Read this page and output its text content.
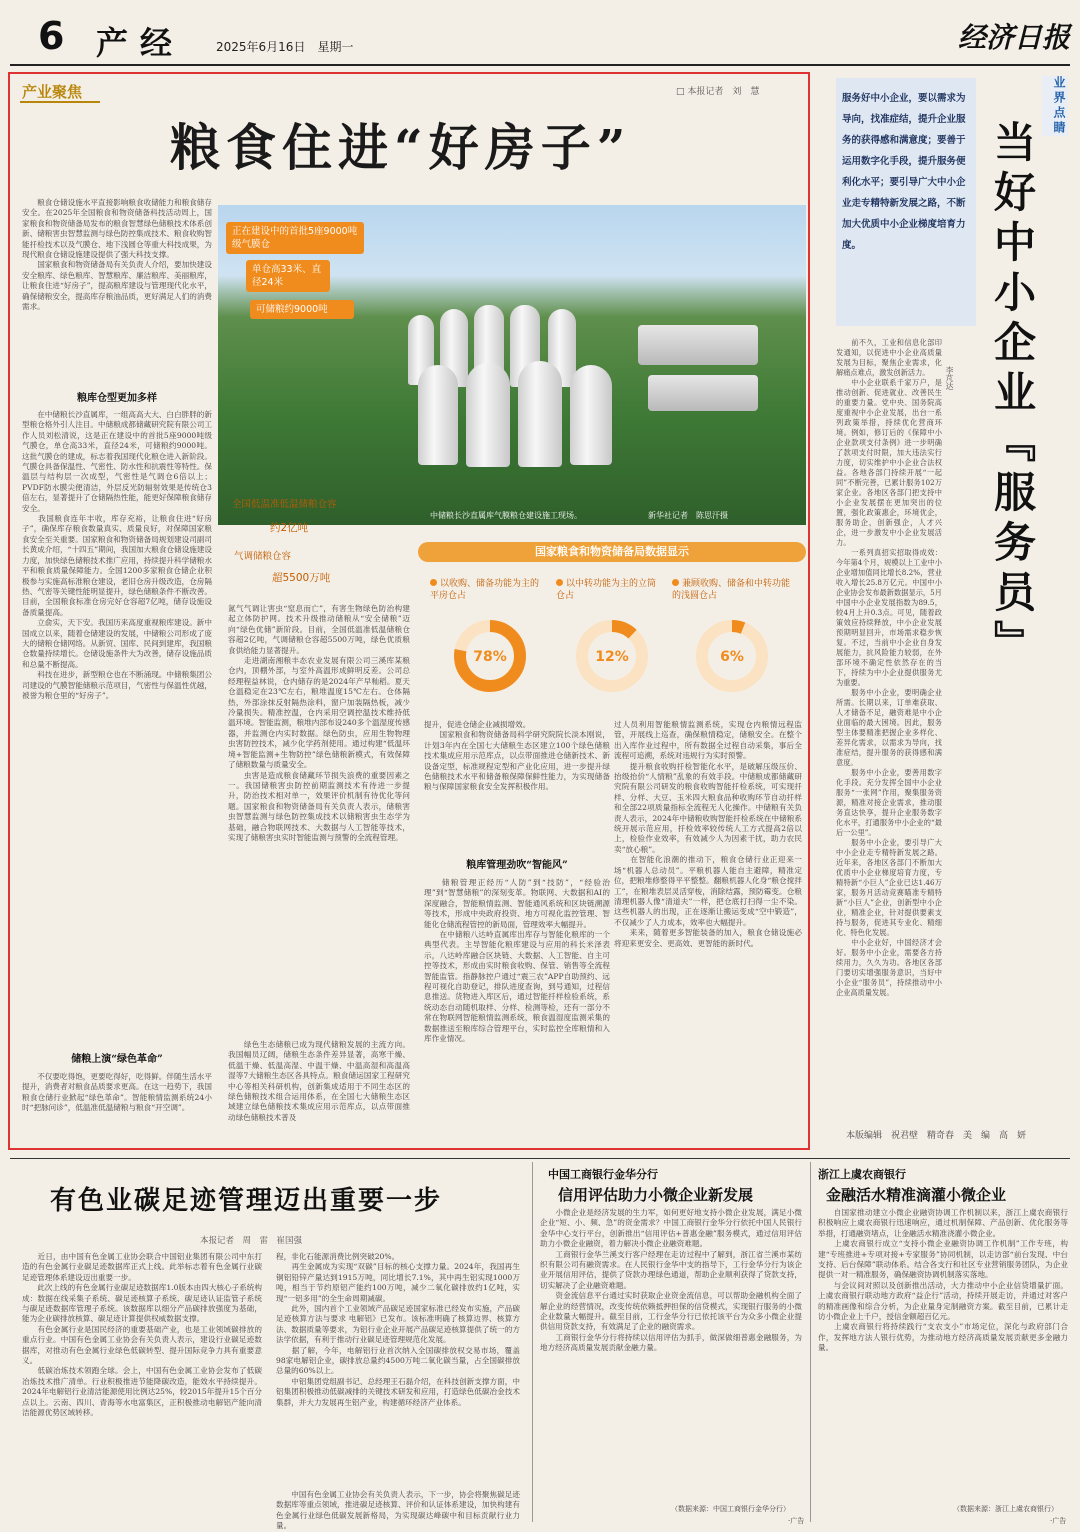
6 产经	2025年6月16日　星期一	经济日报
产业聚焦	□ 本报记者　刘　慧
粮食住进“好房子”
正在建设中的首批5座9000吨级气膜仓
单仓高33米、直径24米
可储粮约9000吨
中储粮长沙直属库气膜粮仓建设施工现场。	新华社记者　陈思汗摄
全国低温准低温储粮仓容
约2亿吨
气调储粮仓容
超5500万吨
国家粮食和物资储备局数据显示
以收购、储备功能为主的平房仓占
以中转功能为主的立筒仓占
兼顾收购、储备和中转功能的浅圆仓占
78%	12%	6%
　　粮食仓储设施水平直接影响粮食收储能力和粮食储存安全。在2025年全国粮食和物资储备科技活动周上，国家粮食和物资储备局发布的粮食智慧绿色储粮技术体系创新、储粮害虫智慧监测与绿色防控集成技术、粮食收购智能扦检技术以及气膜仓、地下浅圆仓等重大科技成果，为现代粮食仓储设施建设提供了强大科技支撑。
　　国家粮食和物资储备局有关负责人介绍，要加快建设安全粮库、绿色粮库、智慧粮库、廉洁粮库、美丽粮库，让粮食住进“好房子”，提高粮库建设与管理现代化水平，确保储粮安全，提高库存粮油品质，更好满足人们的消费需求。
粮库仓型更加多样
　　在中储粮长沙直属库，一组高高大大、白白胖胖的新型粮仓格外引人注目。中储粮成都储藏研究院有限公司工作人员刘松清说，这是正在建设中的首批5座9000吨级气膜仓，单仓高33米，直径24米，可储粮约9000吨。这批气膜仓的建成，标志着我国现代化粮仓进入新阶段。气膜仓具备保温性、气密性、防水性和抗震性等特性。保温层与结构层一次成型，气密性是气调仓6倍以上；PVDF防水膜尖便清洁，外层反光防辐射效果是传统仓3倍左右，显著提升了仓储隔热性能，能更好保障粮食储存安全。
　　我国粮食连年丰收，库存充裕，让粮食住进“好房子”，确保库存粮食数量真实、质量良好，对保障国家粮食安全至关重要。国家粮食和物资储备局规划建设司副司长黄成介绍，“十四五”期间，我国加大粮食仓储设施建设力度，加快绿色储粮技术推广应用，持续提升科学储粮水平和粮食质量保障能力。全国1200多家粮食仓储企业积极参与实施高标准粮仓建设，老旧仓房升级改造，仓房隔热、气密等关键性能明显提升，绿色储粮条件不断改善。目前，全国粮食标准仓房完好仓容超7亿吨，储存设施设备质量提高。
　　立俞实，天下安。我国历来高度重视粮库建设。新中国成立以来，随着仓储建设的发展，中储粮公司形成了庞大的储粮仓储网络。从新贸、国库、民间到建库，我国粮仓数量持续增长。仓储设施条件大为改善，储存设施品质和总量不断提高。
　　科技在进步，新型粮仓也在不断涌现。中储粮集团公司建设的气膜智能储粮示范项目，气密性与保温性优越，被誉为粮仓里的“好房子”。
储粮上演“绿色革命”
　　不仅要吃得饱，更要吃得好，吃得鲜。伴随生活水平提升，消费者对粮食品质要求更高。在这一趋势下，我国粮食仓储行业掀起“绿色革命”。智能粮情监测系统24小时“把脉问诊”，低温准低温储粮与粮食“开空调”。
氮气气调让害虫“窒息而亡”，有害生物绿色防治构建起立体防护网。技术升级推动储粮从“安全储粮”迈向“绿色优储”新阶段。目前，全国低温准低温储粮仓容超2亿吨，气调储粮仓容超5500万吨，绿色优质粮食供给能力显著提升。
　　走进湖南湘粮丰态农业发展有限公司三溪库某粮仓内，顶棚外部，与室外高温形成鲜明反差。公司总经理程益林说，仓内储存的是2024年产早籼稻。夏天仓温稳定在23℃左右，粮堆温度15℃左右。仓体隔热，外部涂抹反射隔热涂料，窗户加装隔热板，减少冷量损失。精准控温，仓内采用空调控温技术维持低温环境。智能监测，粮堆内部布设240多个温湿度传感器，并监测仓内实时数据。绿色防虫，应用生物物理虫害防控技术，减少化学药剂使用。通过构建“低温环境+智能监测+生物防控”绿色储粮新模式，有效保障了储粮数量与质量安全。
　　虫害是造成粮食储藏环节损失浪费的重要因素之一。我国储粮害虫防控前期监测技术有待进一步提升，防治技术相对单一，效果评价机制有待优化等问题。国家粮食和物资储备局有关负责人表示，储粮害虫智慧监测与绿色防控集成技术以储粮害虫生态学为基础，融合物联网技术、大数据与人工智能等技术，实现了储粮害虫实时智能监测与预警的全流程管理。
　　绿色生态储粮已成为现代储粮发展的主流方向。我国幅员辽阔，储粮生态条件差异显著，高寒干燥、低温干燥、低温高湿、中温干燥、中温高湿和高温高湿等7大储粮生态区各具特点。粮食储运国家工程研究中心等相关科研机构，创新集成适用于不同生态区的绿色储粮技术组合运用体系，在全国七大储粮生态区域建立绿色储粮技术集成应用示范库点，以点带面推动绿色储粮技术普及
提升，促进仓储企业减损增效。
　　国家粮食和物资储备局科学研究院院长淡本刚说，计划3年内在全国七大储粮生态区建立100个绿色储粮技术集成应用示范库点，以点带面推进仓储新技术、新设备定型，标准规程定型和产业化应用，进一步提升绿色储粮技术水平和储备粮保障保鲜性能力，为实现储备粮与保障国家粮食安全发挥积极作用。
粮库管理劲吹“智能风”
　　储粮管理正经历“人防”到“技防”，“经验治理”到“智慧储粮”的深刻变革。物联网、大数据和AI的深度融合，智能粮情监测、智能通风系统和区块链溯源等技术，形成中央政府投资、地方可视化监控管理、智能化仓储流程管控的新局面，管理效率大幅提升。
　　在中储粮八达岭直属库出库存与智能化粮库的一个典型代表。主导智能化粮库建设与应用的科长米泽表示，八达岭库融合区块链、大数据、人工智能、自主可控等技术，形成由实时粮食收购、保管、销售等全流程智能监管。指静脉控户通过“震三农”APP自助预约、远程可视化自助登记，排队进度查询，到号通知，过程信息推送。货物进入库区后，通过智能扦样检验系统，系统动态自动随机取样、分样、检测等检，还有一部分不常在物联网智能粮情监测系统，粮食温湿度监测采集的数据推送至粮库综合管理平台，实时监控全库粮情和入库作业情况。
过人员利用智能粮情监测系统，实现仓内粮情远程监管，开展线上巡查，确保粮情稳定，储粮安全。在整个出入库作业过程中，所有数据全过程自动采集，事后全流程可追溯，系统对违规行为实时预警。
　　提升粮食收购扦检智能化水平，是破解压级压价、抬级抬价“人情粮”乱象的有效手段。中储粮成都储藏研究院有限公司研发的粮食收购智能扦检系统，可实现扦样、分样、大豆、玉米四大粮食品种收购环节自动扦样和全部22项质量指标全流程无人化操作。中储粮有关负责人表示，2024年中储粮收购智能扦检系统在中储粮系统开展示范应用，扦检效率较传统人工方式提高2倍以上，检验作业效率，有效减少人为因素干扰，助力农民卖“放心粮”。
　　在智能化浪潮的推动下，粮食仓储行业正迎来一场“机器人总动员”。平粮机器人能自主避障，精准定位，把粮堆修整得平平整整。翻粮机器人化身“粮仓搅拌工”，在粮堆表层灵活穿梭，消除结露，预防霉变。仓粮清理机器人像“清道夫”一样，把仓底打扫得一尘不染。这些机器人的出现，正在逐渐让搬运变成“空中锻造”，不仅减少了人力成本，效率也大幅提升。
　　来来，随着更多智能装备的加入，粮食仓储设施必将迎来更安全、更高效、更智能的新时代。
服务好中小企业，要以需求为导向，找准症结，提升企业服务的获得感和满意度；要善于运用数字化手段，提升服务便利化水平；要引导广大中小企业走专精特新发展之路，不断加大优质中小企业梯度培育力度。
业界点睛
当好中小企业『服务员』
李芃达
　　前不久，工业和信息化部印发通知，以促进中小企业高质量发展为目标，聚焦企业需求，化解痛点难点，激发创新活力。
　　中小企业联系千家万户，是推动创新、促进就业、改善民生的重要力量。党中央、国务院高度重视中小企业发展，出台一系列政策举措，持续优化营商环境。例如，修订后的《保障中小企业款项支付条例》进一步明确了款项支付时限，加大违法实行力度，切实维护中小企业合法权益。各地各部门持续开展“一起同”不断完善，已累计服务102万家企业。各地区各部门把支持中小企业发展摆在更加突出的位置，强化政策惠企，环境优企，服务助企，创新强企，人才兴企，进一步激发中小企业发展活力。
　　一系列真招实招取得成效：今年第4个月，规模以上工业中小企业增加值同比增长8.2%，营业收入增长25.8万亿元。中国中小企业协会发布最新数据显示，5月中国中小企业发展指数为89.5，较4月上升0.3点。可见，随着政策效应持续释放，中小企业发展预期明显回升，市场需求稳步恢复。不过，当前中小企业自身发展能力，抗风险能力较弱，在外部环境不确定性依然存在的当下，持续为中小企业提供服务尤为重要。
　　服务中小企业，要明确企业所需。长期以来，订单难获取、人才储备不足，融资难是中小企业面临的最大困境。因此，服务型主体要精准把握企业多样化、差异化需求，以需求为导向，找准症结，提升服务的获得感和满意度。
　　服务中小企业，要善用数字化手段。充分发挥全国中小企业服务“一张网”作用，聚集服务资源，精准对接企业需求，推动服务直达快享，提升企业服务数字化水平，打通服务中小企业的“最后一公里”。
　　服务中小企业，要引导广大中小企业走专精特新发展之路。近年来，各地区各部门不断加大优质中小企业梯度培育力度，专精特新“小巨人”企业已达1.46万家，服务月活动竞赛瞄准专精特新“小巨人”企业，创新型中小企业，精准企业，针对提供要素支持与服务，促进其专业化、精细化、特色化发展。
　　中小企业好，中国经济才会好。服务中小企业，需要各方持续用力，久久为功。各地区各部门要切实增强服务意识，当好中小企业“服务员”，持续推动中小企业高质量发展。
本版编辑　祝君壁　精奇春　美　编　高　妍
有色业碳足迹管理迈出重要一步
本报记者　周　雷　崔国强
　　近日，由中国有色金属工业协会联合中国铝业集团有限公司中东打造的有色金属行业碳足迹数据库正式上线。此举标志着有色金属行业碳足迹管理体系建设迈出重要一步。
　　此次上线的有色金属行业碳足迹数据库1.0版本由四大核心子系统构成：数据在线采集子系统、碳足迹核算子系统、碳足迹认证监管子系统与碳足迹数据库管理子系统。该数据库以细分产品碳排放强度为基础，能为企业碳排放核算、碳足迹计算提供权威数据支撑。
　　有色金属行业是国民经济的重要基础产业，也是工业领域碳排放的重点行业。中国有色金属工业协会有关负责人表示，建设行业碳足迹数据库，对推动有色金属行业绿色低碳转型、提升国际竞争力具有重要意义。
　　低碳冶炼技术领跑全球。会上，中国有色金属工业协会发布了低碳冶炼技术推广清单。行业积极推进节能降碳改造，能效水平持续提升。2024年电解铝行业清洁能源使用比例达25%，较2015年提升15个百分点以上。云南、四川、青海等水电富集区，正积极推动电解铝产能向清洁能源优势区域转移。
程，非化石能源消费比例突破20%。
　　再生金属成为实现“双碳”目标的核心支撑力量。2024年，我国再生铜铝铅锌产量达到1915万吨，同比增长7.1%，其中再生铝实现1000万吨，相当于节约原铝产能约100万吨，减少二氧化碳排放约1亿吨，实现“一铝多用”的全生命周期减碳。
　　此外，国内首个工业领域产品碳足迹国家标准已经发布实施，产品碳足迹核算方法与要求 电解铝》已发布。该标准明确了核算边界、核算方法、数据质量等要求，为铝行业企业开展产品碳足迹核算提供了统一的方法学依据，有利于推动行业碳足迹管理规范化发展。
　　据了解，今年，电解铝行业首次纳入全国碳排放权交易市场，覆盖98家电解铝企业，碳排放总量约4500万吨二氧化碳当量，占全国碳排放总量的60%以上。
　　中铝集团党组副书记、总经理王石磊介绍，在科技创新支撑方面，中铝集团积极推动低碳减排的关键技术研发和应用，打造绿色低碳冶金技术集群，并大力发展再生铝产业，构建循环经济产业体系。
　　中国有色金属工业协会有关负责人表示，下一步，协会将聚焦碳足迹数据库等重点领域，推进碳足迹核算、评价和认证体系建设，加快构建有色金属行业绿色低碳发展新格局，为实现碳达峰碳中和目标贡献行业力量。
中国工商银行金华分行
信用评估助力小微企业新发展
　　小微企业是经济发展的生力军，如何更好地支持小微企业发展，满足小微企业“短、小、频、急”的资金需求？中国工商银行金华分行依托中国人民银行金华中心支行平台，创新推出“信用评估+普惠金融”服务模式，通过信用评估助力小微企业融资，着力解决小微企业融资难题。
　　工商银行金华兰溪支行客户经理在走访过程中了解到，浙江省兰溪市某纺织有限公司有融资需求。在人民银行金华中支的指导下，工行金华分行为该企业开展信用评估，提供了贷款办理绿色通道，帮助企业顺利获得了贷款支持，切实解决了企业融资难题。
　　资金流信息平台通过实时获取企业资金流信息，可以帮助金融机构全面了解企业的经营情况，改变传统依赖抵押担保的信贷模式，实现银行服务的小微企业数量大幅提升。截至目前，工行金华分行已依托该平台为众多小微企业提供信用贷款支持，有效满足了企业的融资需求。
　　工商银行金华分行将持续以信用评估为抓手，做深做细普惠金融服务，为地方经济高质量发展贡献金融力量。
（数据来源：中国工商银行金华分行）
·广告
浙江上虞农商银行
金融活水精准滴灌小微企业
　　自国家推动建立小微企业融资协调工作机制以来，浙江上虞农商银行积极响应上虞农商银行迅速响应，通过机制保障、产品创新、优化服务等举措，打通融资堵点，让金融活水精准浇灌小微企业。
　　上虞农商银行成立“支持小微企业融资协调工作机制”工作专班，构建“专班推进+专项对接+专家服务”协同机制，以走访部“前台发现、中台支持、后台保障”联动体系。结合各支行和社区专业营销服务团队，为企业提供一对一精准服务，确保融资协调机制落实落地。
　　与会议间对照以及创新推出活动，大力推动中小企业信贷增量扩面。上虞农商银行联动地方政府“益企行”活动，持续开展走访，并通过对客户的精准画像和综合分析，为企业量身定制融资方案。截至目前，已累计走访小微企业上千户，授信金额超百亿元。
　　上虞农商银行将持续践行“支农支小”市场定位，深化与政府部门合作，发挥地方法人银行优势，为推动地方经济高质量发展贡献更多金融力量。
（数据来源：浙江上虞农商银行）
·广告
